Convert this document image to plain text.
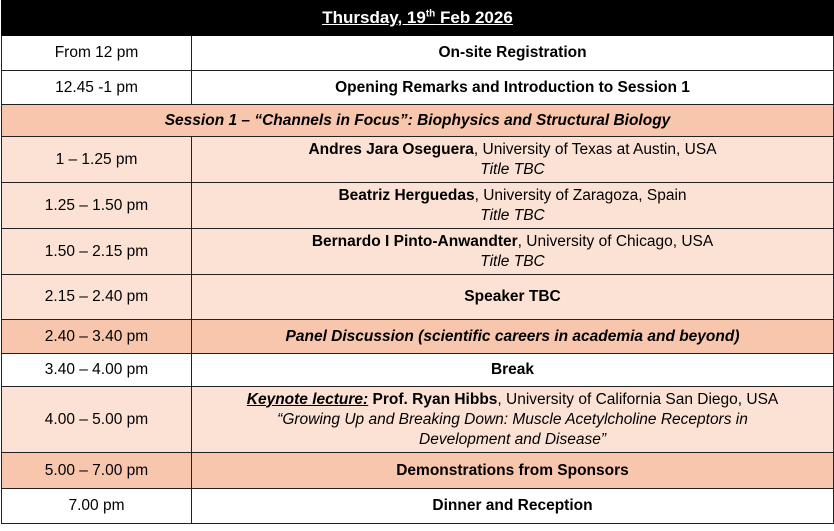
Thursday, 19th Feb 2026	
From 12 pm	On-site Registration
12.45 -1 pm	Opening Remarks and Introduction to Session 1
Session 1 – “Channels in Focus”: Biophysics and Structural Biology	
1 – 1.25 pm	Andres Jara Oseguera, University of Texas at Austin, USA
Title TBC

1.25 – 1.50 pm	Beatriz Herguedas, University of Zaragoza, Spain
Title TBC

1.50 – 2.15 pm	Bernardo I Pinto-Anwandter, University of Chicago, USA
Title TBC

2.15 – 2.40 pm	Speaker TBC
2.40 – 3.40 pm	Panel Discussion (scientific careers in academia and beyond)
3.40 – 4.00 pm	Break
4.00 – 5.00 pm	Keynote lecture: Prof. Ryan Hibbs, University of California San Diego, USA
“Growing Up and Breaking Down: Muscle Acetylcholine Receptors in Development and Disease”

5.00 – 7.00 pm	Demonstrations from Sponsors
7.00 pm	Dinner and Reception
